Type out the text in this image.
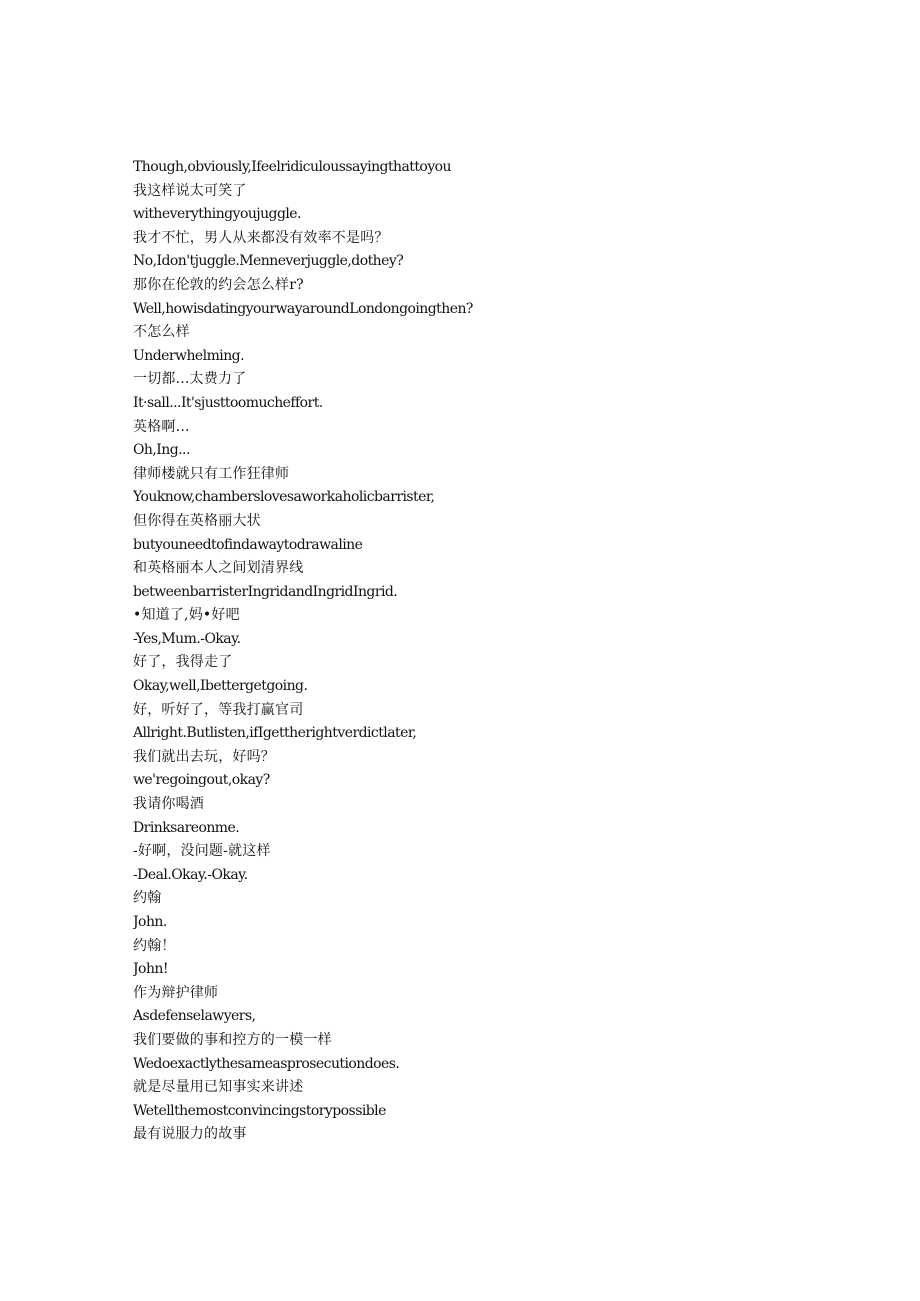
Though,obviously,Ifeelridiculoussayingthattoyou
我这样说太可笑了
witheverythingyoujuggle.
我才不忙，男人从来都没有效率不是吗？
No,Idon'tjuggle.Menneverjuggle,dothey?
那你在伦敦的约会怎么样r?
Well,howisdatingyourwayaroundLondongoingthen?
不怎么样
Underwhelming.
一切都...太费力了
It·sall...It'sjusttoomucheffort.
英格啊…
Oh,Ing...
律师楼就只有工作狂律师
Youknow,chamberslovesaworkaholicbarrister,
但你得在英格丽大状
butyouneedtofindawaytodrawaline
和英格丽本人之间划清界线
betweenbarristerIngridandIngridIngrid.
•知道了,妈•好吧
-Yes,Mum.-Okay.
好了，我得走了
Okay,well,Ibettergetgoing.
好，听好了，等我打赢官司
Allright.Butlisten,ifIgettherightverdictlater,
我们就出去玩，好吗？
we'regoingout,okay?
我请你喝酒
Drinksareonme.
-好啊，没问题-就这样
-Deal.Okay.-Okay.
约翰
John.
约翰！
John!
作为辩护律师
Asdefenselawyers,
我们要做的事和控方的一模一样
Wedoexactlythesameasprosecutiondoes.
就是尽量用已知事实来讲述
Wetellthemostconvincingstorypossible
最有说服力的故事
